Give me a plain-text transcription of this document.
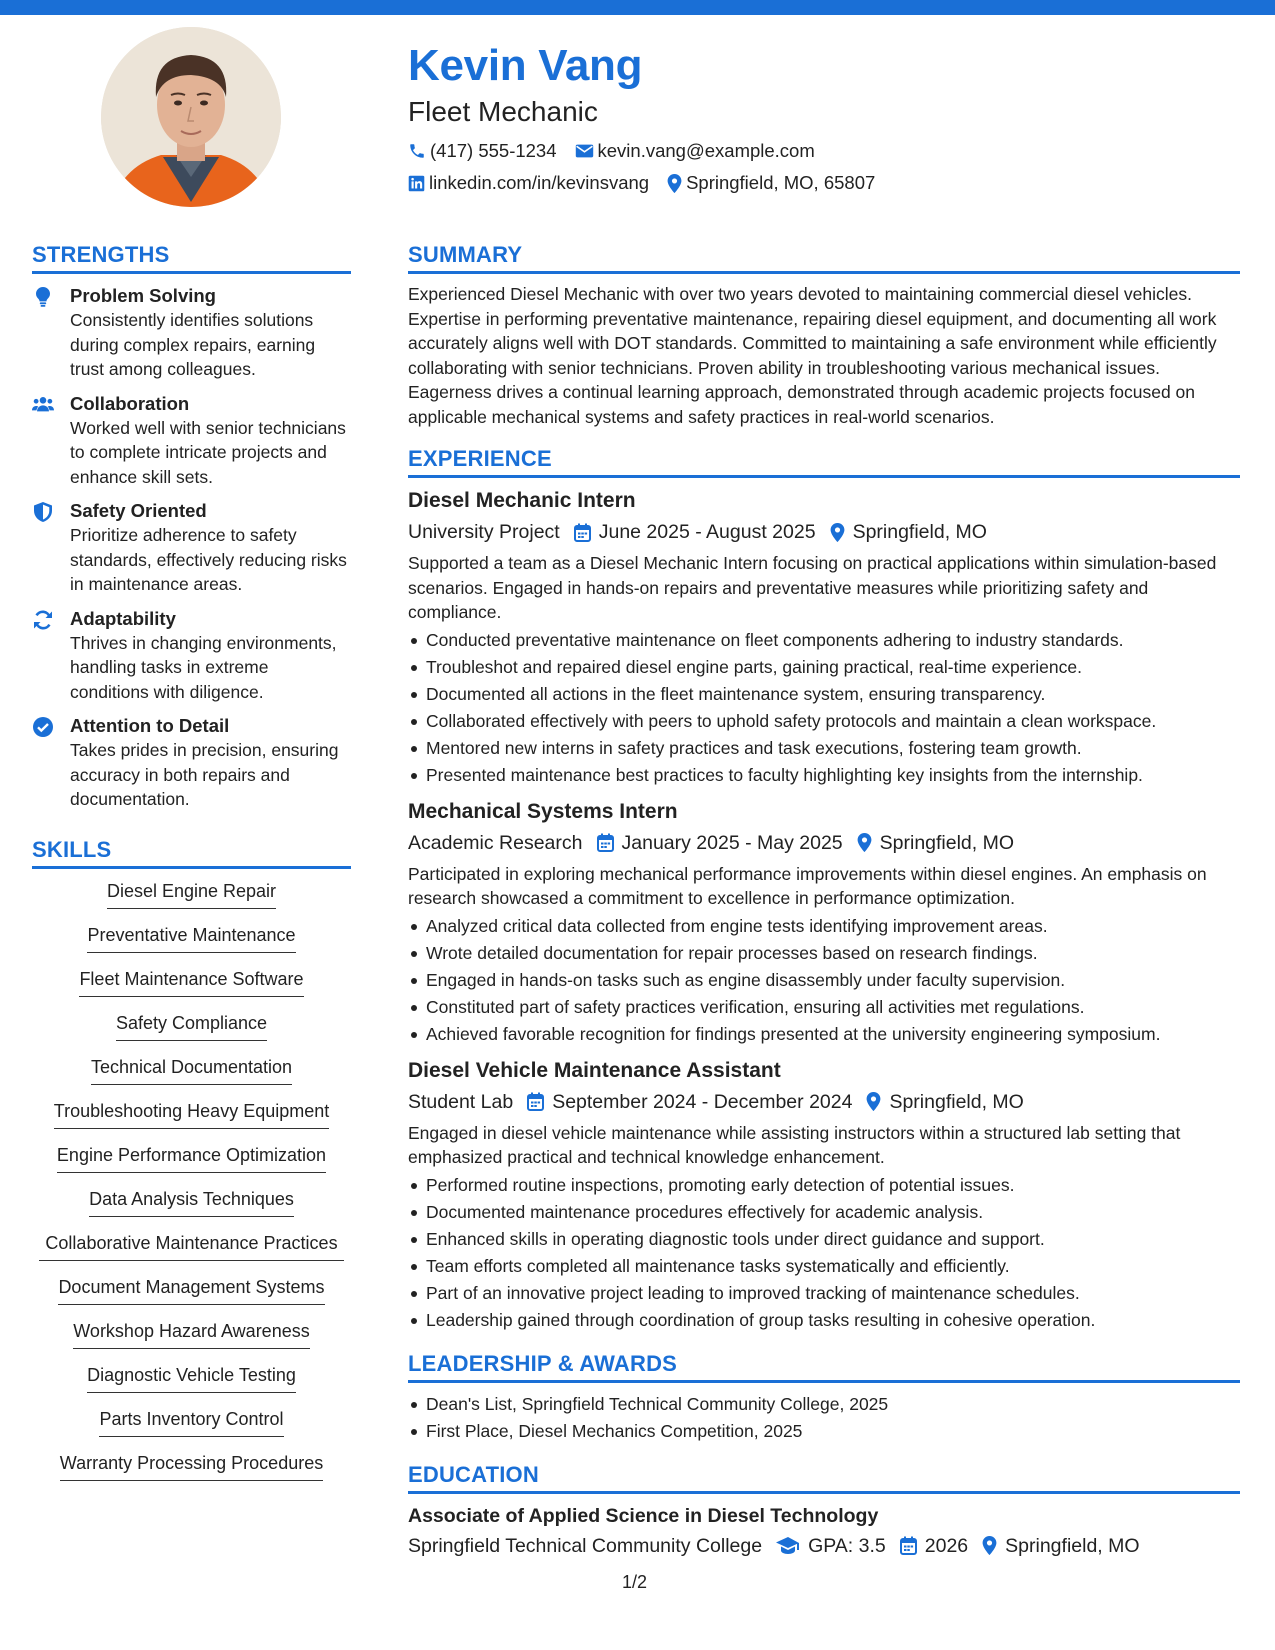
Kevin Vang
Fleet Mechanic
(417) 555-1234 kevin.vang@example.com
linkedin.com/in/kevinsvang Springfield, MO, 65807
STRENGTHS
Problem Solving
Consistently identifies solutions during complex repairs, earning trust among colleagues.
Collaboration
Worked well with senior technicians to complete intricate projects and enhance skill sets.
Safety Oriented
Prioritize adherence to safety standards, effectively reducing risks in maintenance areas.
Adaptability
Thrives in changing environments, handling tasks in extreme conditions with diligence.
Attention to Detail
Takes prides in precision, ensuring accuracy in both repairs and documentation.
SKILLS
Diesel Engine Repair
Preventative Maintenance
Fleet Maintenance Software
Safety Compliance
Technical Documentation
Troubleshooting Heavy Equipment
Engine Performance Optimization
Data Analysis Techniques
Collaborative Maintenance Practices
Document Management Systems
Workshop Hazard Awareness
Diagnostic Vehicle Testing
Parts Inventory Control
Warranty Processing Procedures
SUMMARY
Experienced Diesel Mechanic with over two years devoted to maintaining commercial diesel vehicles. Expertise in performing preventative maintenance, repairing diesel equipment, and documenting all work accurately aligns well with DOT standards. Committed to maintaining a safe environment while efficiently collaborating with senior technicians. Proven ability in troubleshooting various mechanical issues. Eagerness drives a continual learning approach, demonstrated through academic projects focused on applicable mechanical systems and safety practices in real-world scenarios.
EXPERIENCE
Diesel Mechanic Intern
University Project June 2025 - August 2025 Springfield, MO
Supported a team as a Diesel Mechanic Intern focusing on practical applications within simulation-based scenarios. Engaged in hands-on repairs and preventative measures while prioritizing safety and compliance.
Conducted preventative maintenance on fleet components adhering to industry standards.
Troubleshot and repaired diesel engine parts, gaining practical, real-time experience.
Documented all actions in the fleet maintenance system, ensuring transparency.
Collaborated effectively with peers to uphold safety protocols and maintain a clean workspace.
Mentored new interns in safety practices and task executions, fostering team growth.
Presented maintenance best practices to faculty highlighting key insights from the internship.
Mechanical Systems Intern
Academic Research January 2025 - May 2025 Springfield, MO
Participated in exploring mechanical performance improvements within diesel engines. An emphasis on research showcased a commitment to excellence in performance optimization.
Analyzed critical data collected from engine tests identifying improvement areas.
Wrote detailed documentation for repair processes based on research findings.
Engaged in hands-on tasks such as engine disassembly under faculty supervision.
Constituted part of safety practices verification, ensuring all activities met regulations.
Achieved favorable recognition for findings presented at the university engineering symposium.
Diesel Vehicle Maintenance Assistant
Student Lab September 2024 - December 2024 Springfield, MO
Engaged in diesel vehicle maintenance while assisting instructors within a structured lab setting that emphasized practical and technical knowledge enhancement.
Performed routine inspections, promoting early detection of potential issues.
Documented maintenance procedures effectively for academic analysis.
Enhanced skills in operating diagnostic tools under direct guidance and support.
Team efforts completed all maintenance tasks systematically and efficiently.
Part of an innovative project leading to improved tracking of maintenance schedules.
Leadership gained through coordination of group tasks resulting in cohesive operation.
LEADERSHIP & AWARDS
Dean's List, Springfield Technical Community College, 2025
First Place, Diesel Mechanics Competition, 2025
EDUCATION
Associate of Applied Science in Diesel Technology
Springfield Technical Community College GPA: 3.5 2026 Springfield, MO
1/2
